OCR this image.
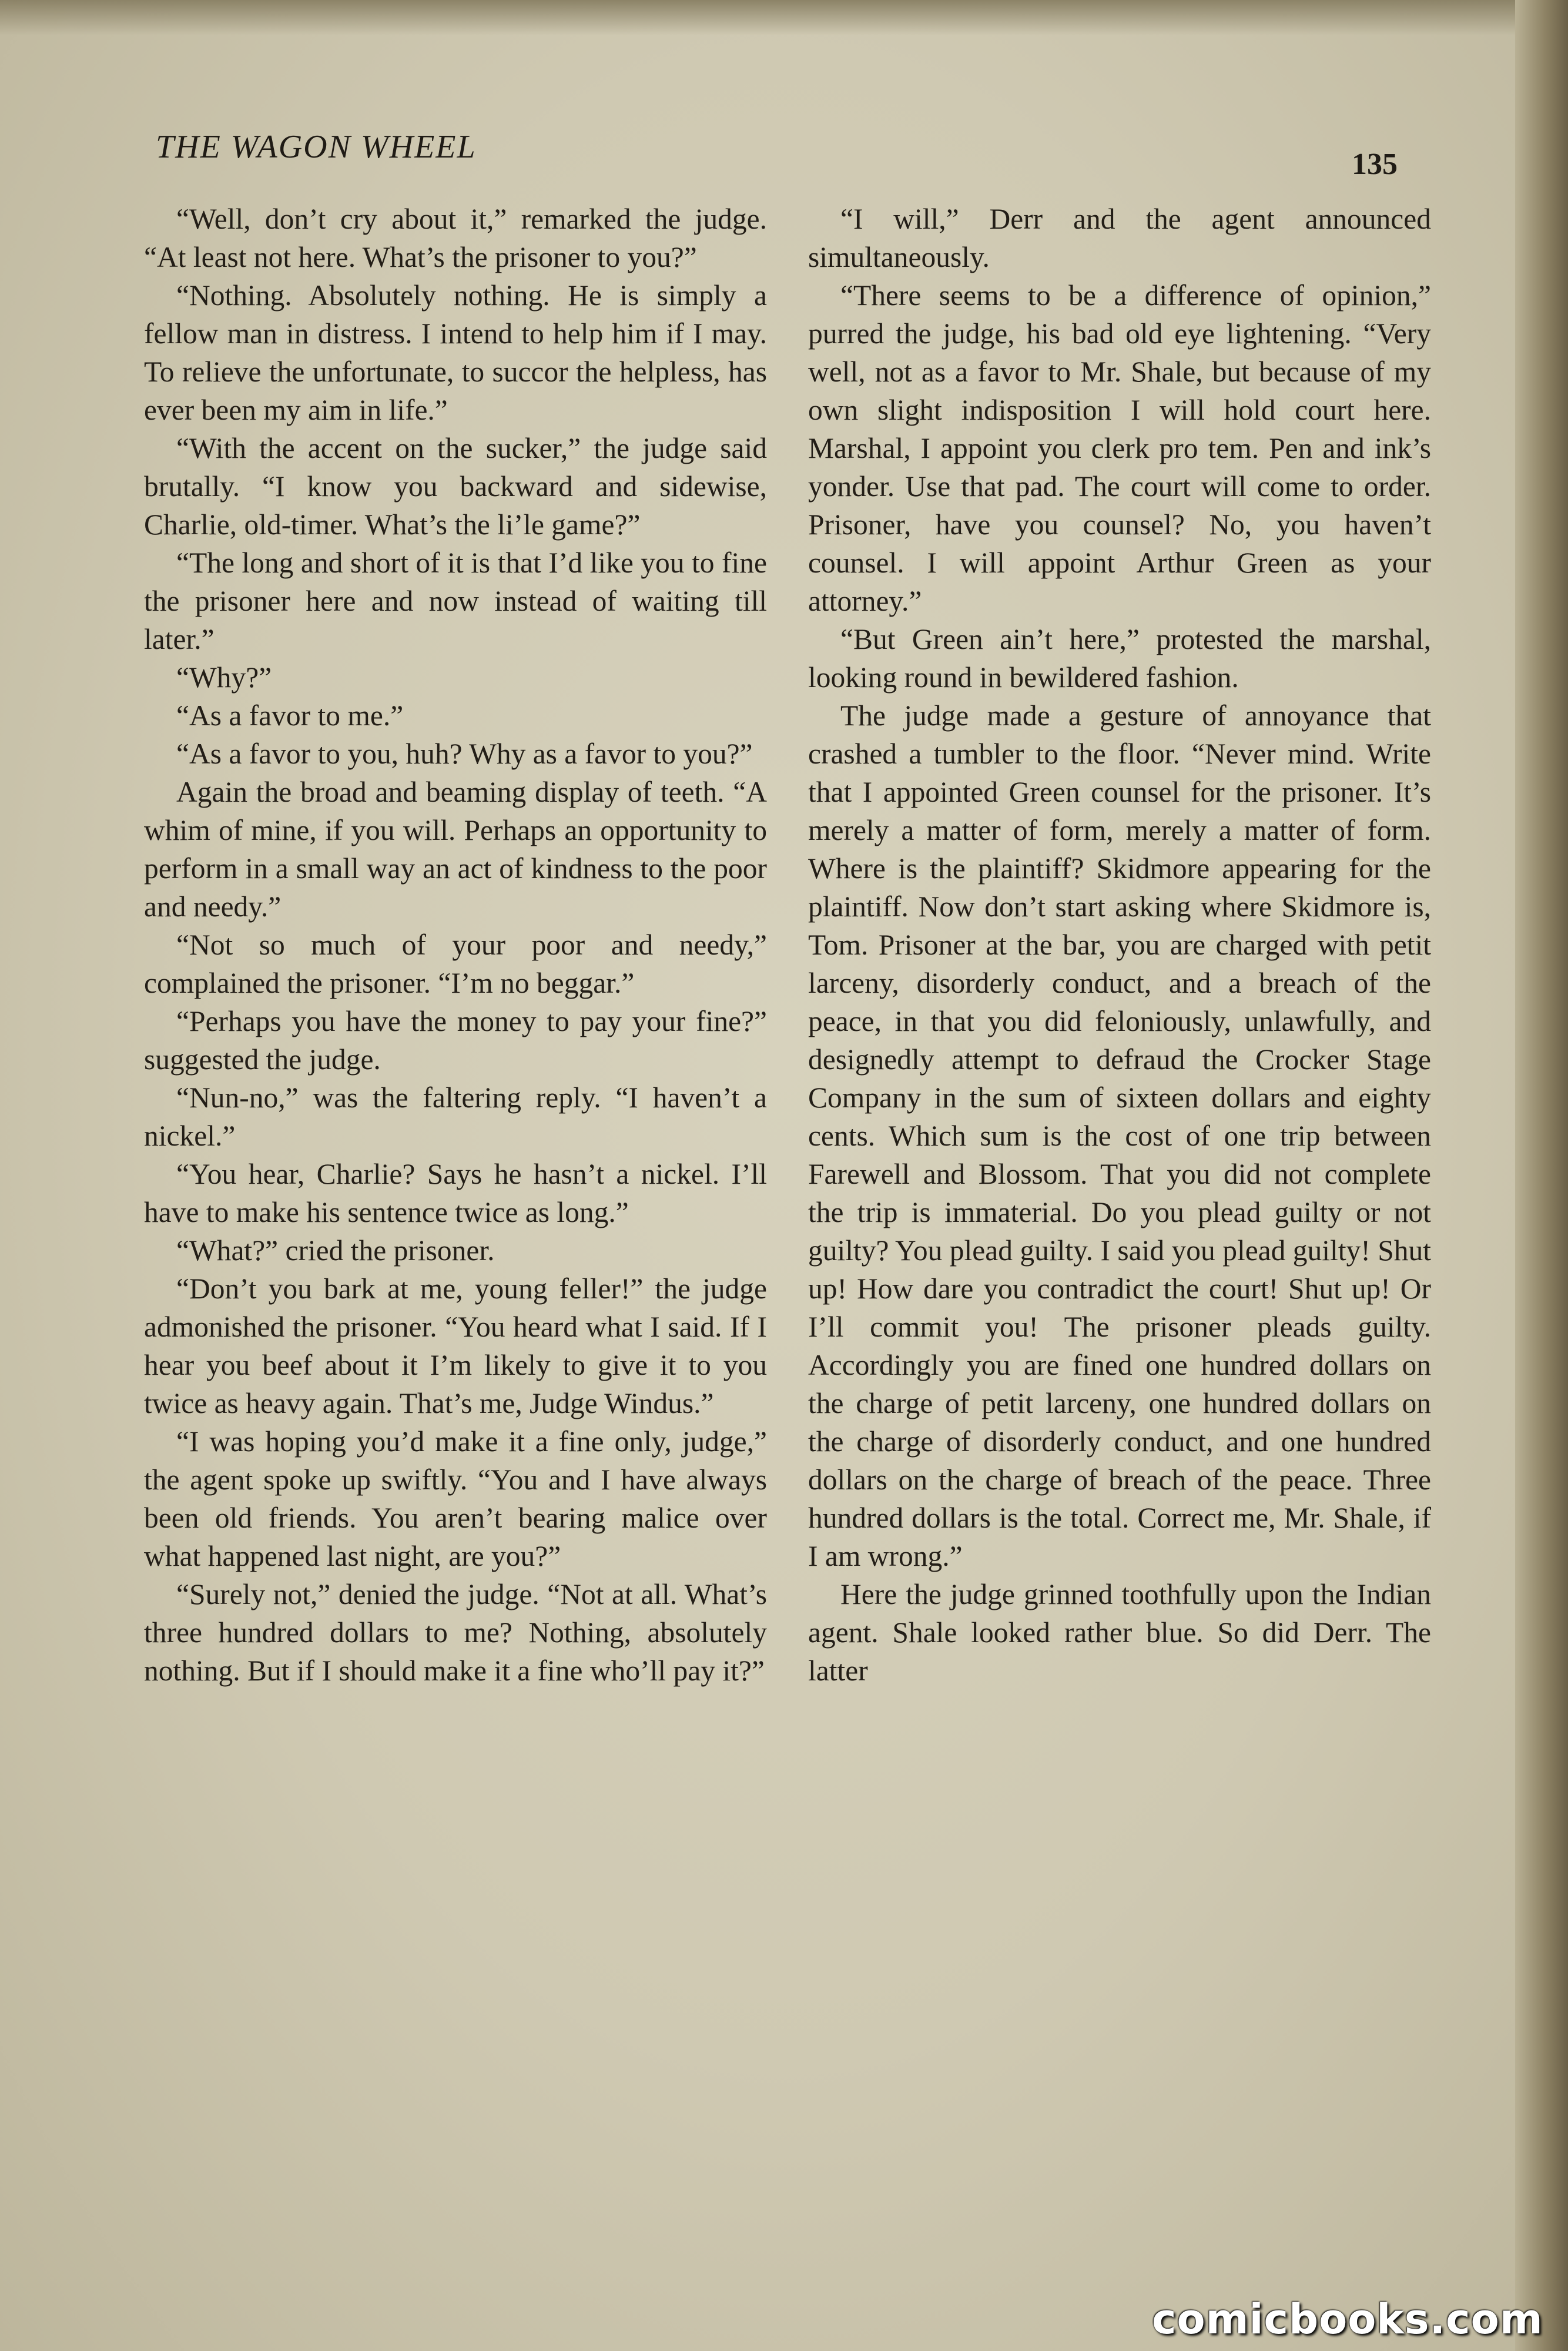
THE WAGON WHEEL	135

“Well, don’t cry about it,” remarked the judge. “At least not here. What’s the prisoner to you?”

“Nothing. Absolutely nothing. He is simply a fellow man in distress. I intend to help him if I may. To relieve the unfortunate, to succor the helpless, has ever been my aim in life.”

“With the accent on the sucker,” the judge said brutally. “I know you backward and sidewise, Charlie, old-timer. What’s the li’le game?”

“The long and short of it is that I’d like you to fine the prisoner here and now instead of waiting till later.”

“Why?”

“As a favor to me.”

“As a favor to you, huh? Why as a favor to you?”

Again the broad and beaming display of teeth. “A whim of mine, if you will. Perhaps an opportunity to perform in a small way an act of kindness to the poor and needy.”

“Not so much of your poor and needy,” complained the prisoner. “I’m no beggar.”

“Perhaps you have the money to pay your fine?” suggested the judge.

“Nun-no,” was the faltering reply. “I haven’t a nickel.”

“You hear, Charlie? Says he hasn’t a nickel. I’ll have to make his sentence twice as long.”

“What?” cried the prisoner.

“Don’t you bark at me, young feller!” the judge admonished the prisoner. “You heard what I said. If I hear you beef about it I’m likely to give it to you twice as heavy again. That’s me, Judge Windus.”

“I was hoping you’d make it a fine only, judge,” the agent spoke up swiftly. “You and I have always been old friends. You aren’t bearing malice over what happened last night, are you?”

“Surely not,” denied the judge. “Not at all. What’s three hundred dollars to me? Nothing, absolutely nothing. But if I should make it a fine who’ll pay it?”

“I will,” Derr and the agent announced simultaneously.

“There seems to be a difference of opinion,” purred the judge, his bad old eye lightening. “Very well, not as a favor to Mr. Shale, but because of my own slight indisposition I will hold court here. Marshal, I appoint you clerk pro tem. Pen and ink’s yonder. Use that pad. The court will come to order. Prisoner, have you counsel? No, you haven’t counsel. I will appoint Arthur Green as your attorney.”

“But Green ain’t here,” protested the marshal, looking round in bewildered fashion.

The judge made a gesture of annoyance that crashed a tumbler to the floor. “Never mind. Write that I appointed Green counsel for the prisoner. It’s merely a matter of form, merely a matter of form. Where is the plaintiff? Skidmore appearing for the plaintiff. Now don’t start asking where Skidmore is, Tom. Prisoner at the bar, you are charged with petit larceny, disorderly conduct, and a breach of the peace, in that you did feloniously, unlawfully, and designedly attempt to defraud the Crocker Stage Company in the sum of sixteen dollars and eighty cents. Which sum is the cost of one trip between Farewell and Blossom. That you did not complete the trip is immaterial. Do you plead guilty or not guilty? You plead guilty. I said you plead guilty! Shut up! How dare you contradict the court! Shut up! Or I’ll commit you! The prisoner pleads guilty. Accordingly you are fined one hundred dollars on the charge of petit larceny, one hundred dollars on the charge of disorderly conduct, and one hundred dollars on the charge of breach of the peace. Three hundred dollars is the total. Correct me, Mr. Shale, if I am wrong.”

Here the judge grinned toothfully upon the Indian agent. Shale looked rather blue. So did Derr. The latter

comicbooks.com
